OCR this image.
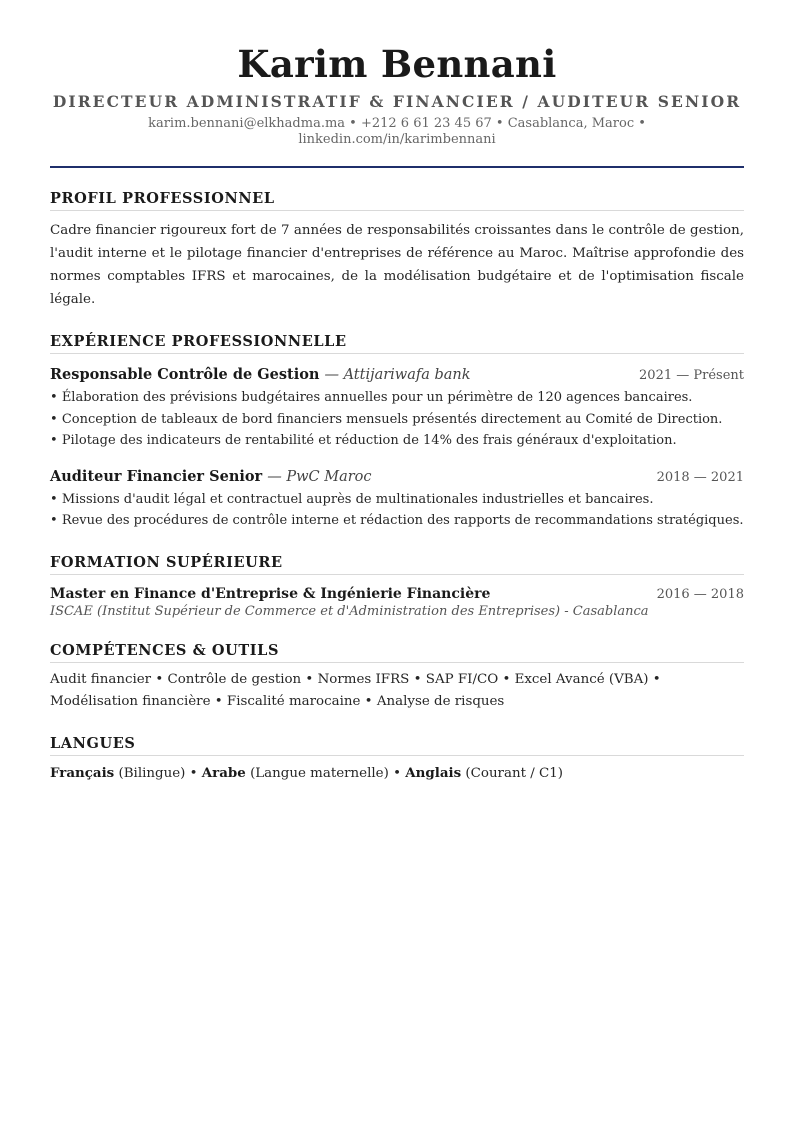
Karim Bennani
DIRECTEUR ADMINISTRATIF & FINANCIER / AUDITEUR SENIOR
karim.bennani@elkhadma.ma • +212 6 61 23 45 67 • Casablanca, Maroc • linkedin.com/in/karimbennani
PROFIL PROFESSIONNEL
Cadre financier rigoureux fort de 7 années de responsabilités croissantes dans le contrôle de gestion, l'audit interne et le pilotage financier d'entreprises de référence au Maroc. Maîtrise approfondie des normes comptables IFRS et marocaines, de la modélisation budgétaire et de l'optimisation fiscale légale.
EXPÉRIENCE PROFESSIONNELLE
Responsable Contrôle de Gestion — Attijariwafa bank	2021 — Présent
• Élaboration des prévisions budgétaires annuelles pour un périmètre de 120 agences bancaires.
• Conception de tableaux de bord financiers mensuels présentés directement au Comité de Direction.
• Pilotage des indicateurs de rentabilité et réduction de 14% des frais généraux d'exploitation.
Auditeur Financier Senior — PwC Maroc	2018 — 2021
• Missions d'audit légal et contractuel auprès de multinationales industrielles et bancaires.
• Revue des procédures de contrôle interne et rédaction des rapports de recommandations stratégiques.
FORMATION SUPÉRIEURE
Master en Finance d'Entreprise & Ingénierie Financière	2016 — 2018
ISCAE (Institut Supérieur de Commerce et d'Administration des Entreprises) - Casablanca
COMPÉTENCES & OUTILS
Audit financier • Contrôle de gestion • Normes IFRS • SAP FI/CO • Excel Avancé (VBA) • Modélisation financière • Fiscalité marocaine • Analyse de risques
LANGUES
Français (Bilingue) • Arabe (Langue maternelle) • Anglais (Courant / C1)
